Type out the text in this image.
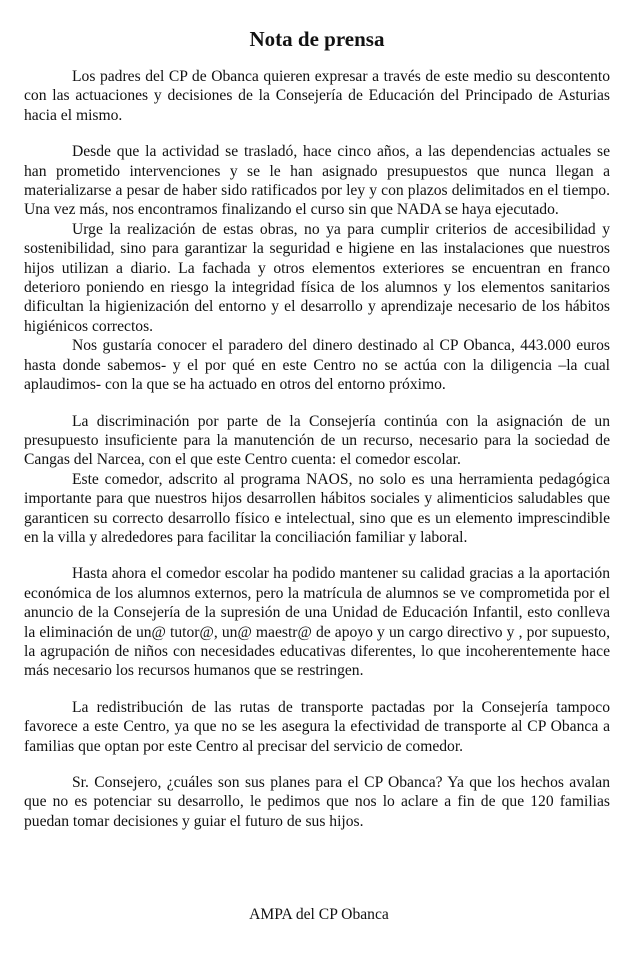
Nota de prensa

Los padres del CP de Obanca quieren expresar a través de este medio su descontento con las actuaciones y decisiones de la Consejería de Educación del Principado de Asturias hacia el mismo.

Desde que la actividad se trasladó, hace cinco años, a las dependencias actuales se han prometido intervenciones y se le han asignado presupuestos que nunca llegan a materializarse a pesar de haber sido ratificados por ley y con plazos delimitados en el tiempo. Una vez más, nos encontramos finalizando el curso sin que NADA se haya ejecutado.

Urge la realización de estas obras, no ya para cumplir criterios de accesibilidad y sostenibilidad, sino para garantizar la seguridad e higiene en las instalaciones que nuestros hijos utilizan a diario. La fachada y otros elementos exteriores se encuentran en franco deterioro poniendo en riesgo la integridad física de los alumnos y los elementos sanitarios dificultan la higienización del entorno y el desarrollo y aprendizaje necesario de los hábitos higiénicos correctos.

Nos gustaría conocer el paradero del dinero destinado al CP Obanca, 443.000 euros hasta donde sabemos- y el por qué en este Centro no se actúa con la diligencia –la cual aplaudimos- con la que se ha actuado en otros del entorno próximo.

La discriminación por parte de la Consejería continúa con la asignación de un presupuesto insuficiente para la manutención de un recurso, necesario para la sociedad de Cangas del Narcea, con el que este Centro cuenta: el comedor escolar.

Este comedor, adscrito al programa NAOS, no solo es una herramienta pedagógica importante para que nuestros hijos desarrollen hábitos sociales y alimenticios saludables que garanticen su correcto desarrollo físico e intelectual, sino que es un elemento imprescindible en la villa y alrededores para facilitar la conciliación familiar y laboral.

Hasta ahora el comedor escolar ha podido mantener su calidad gracias a la aportación económica de los alumnos externos, pero la matrícula de alumnos se ve comprometida por el anuncio de la Consejería de la supresión de una Unidad de Educación Infantil, esto conlleva la eliminación de un@ tutor@, un@ maestr@ de apoyo y un cargo directivo y , por supuesto, la agrupación de niños con necesidades educativas diferentes, lo que incoherentemente hace más necesario los recursos humanos que se restringen.

La redistribución de las rutas de transporte pactadas por la Consejería tampoco favorece a este Centro, ya que no se les asegura la efectividad de transporte al CP Obanca a familias que optan por este Centro al precisar del servicio de comedor.

Sr. Consejero, ¿cuáles son sus planes para el CP Obanca? Ya que los hechos avalan que no es potenciar su desarrollo, le pedimos que nos lo aclare a fin de que 120 familias puedan tomar decisiones y guiar el futuro de sus hijos.

AMPA del CP Obanca
